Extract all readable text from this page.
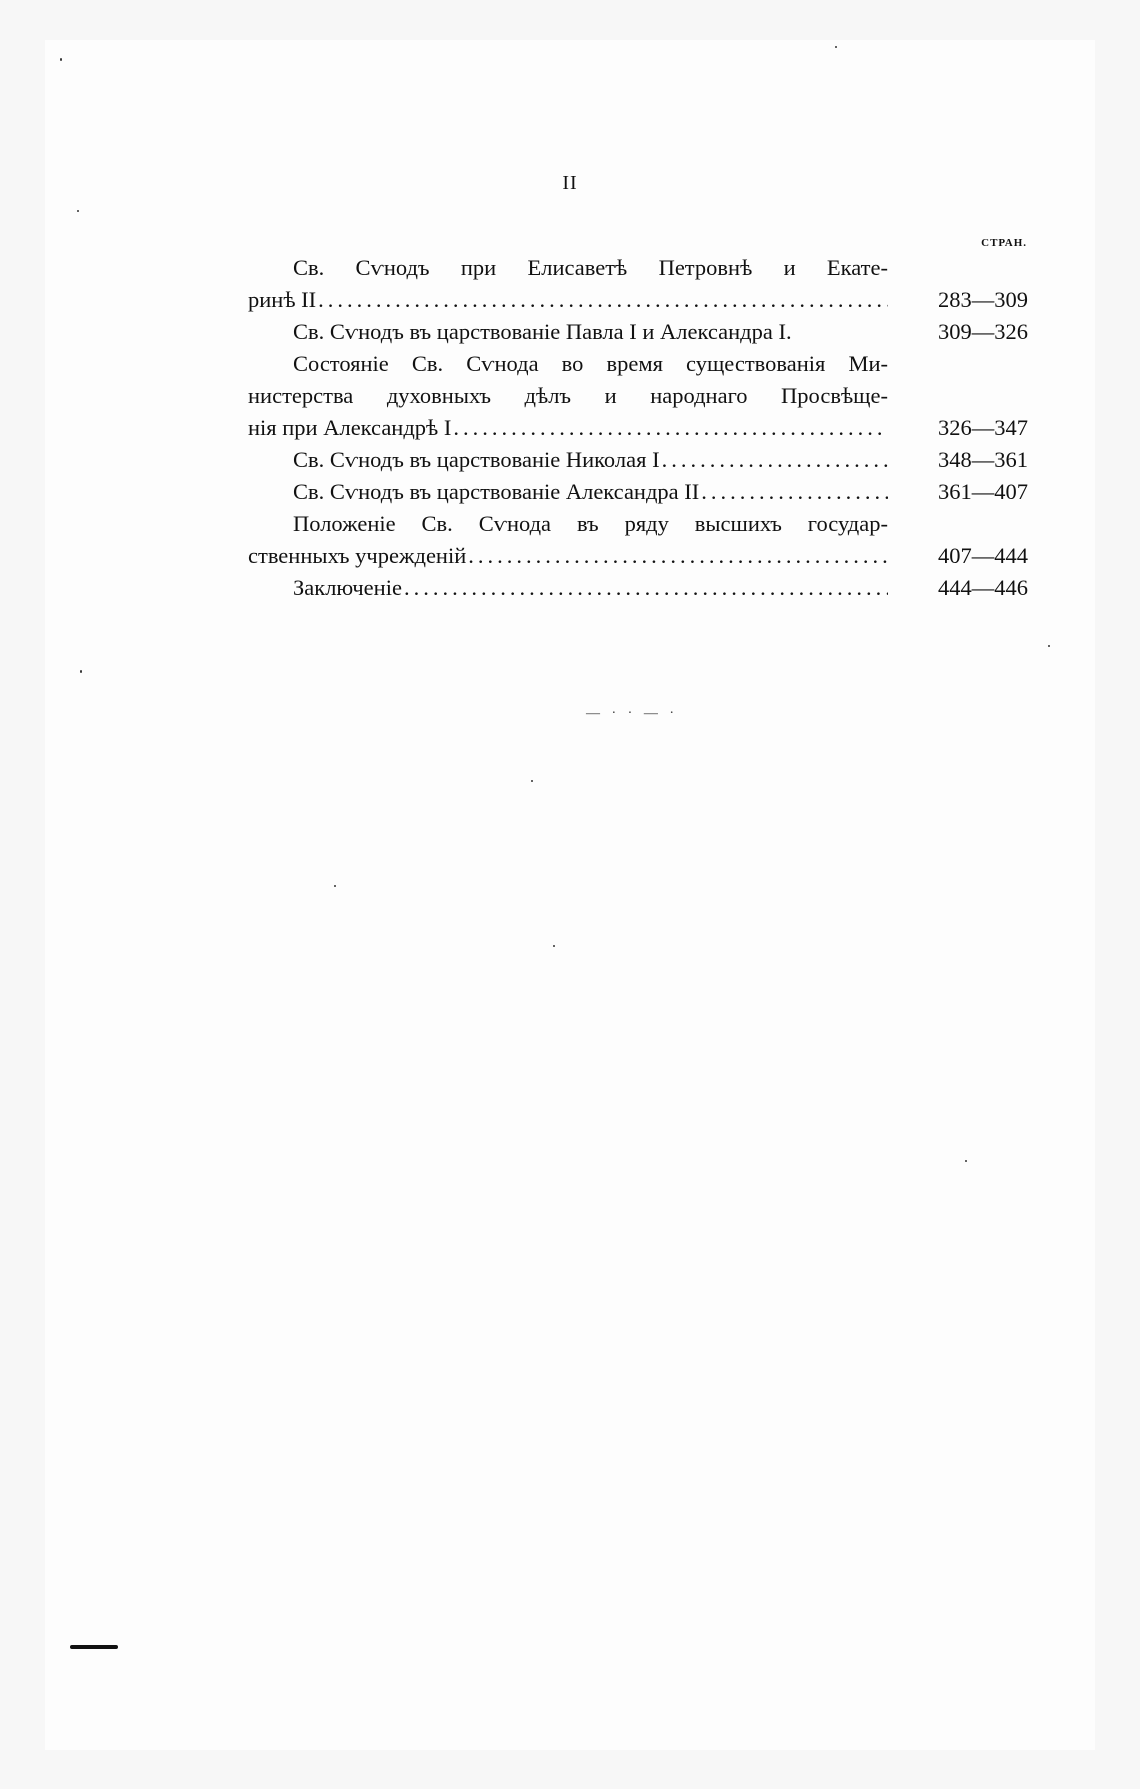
II
СТРАН.
Св. Сѵнодъ при Елисаветѣ Петровнѣ и Екате-
ринѣ II .....	283—309
Св. Сѵнодъ въ царствованіе Павла I и Александра I.	309—326
Состояніе Св. Сѵнода во время существованія Ми-
нистерства духовныхъ дѣлъ и народнаго Просвѣще-
нія при Александрѣ I .....	326—347
Св. Сѵнодъ въ царствованіе Николая I .....	348—361
Св. Сѵнодъ въ царствованіе Александра II .....	361—407
Положеніе Св. Сѵнода въ ряду высшихъ государ-
ственныхъ учрежденій .....	407—444
Заключеніе .....	444—446
— · · — ·
